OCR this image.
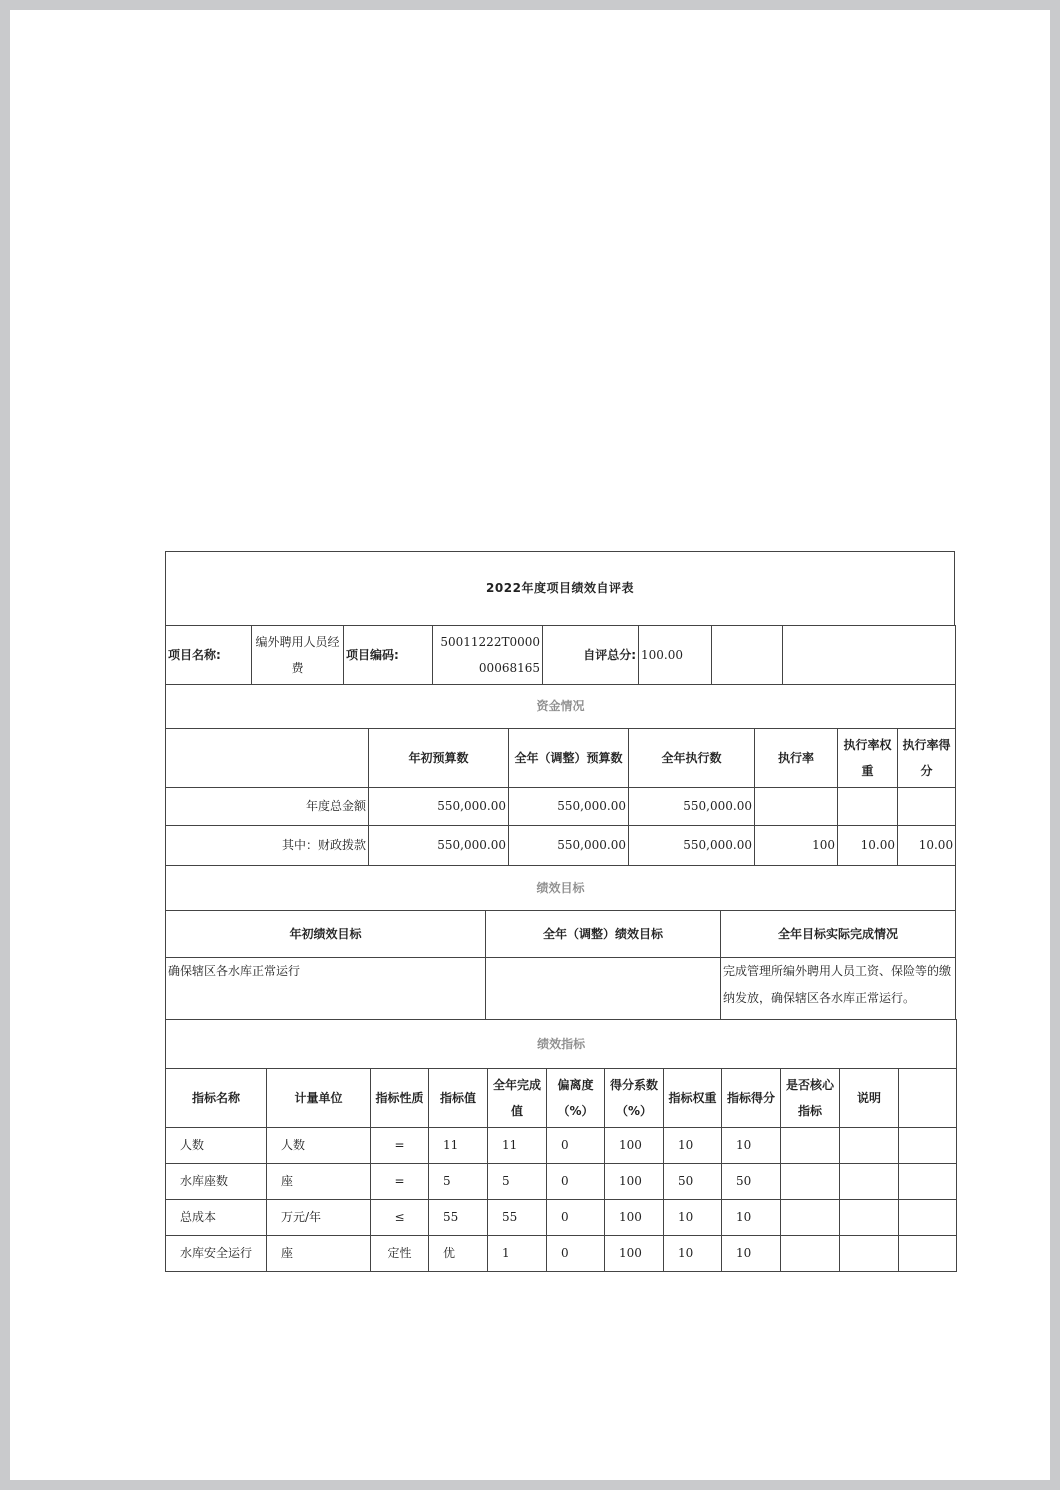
2022年度项目绩效自评表
项目名称:	编外聘用人员经费	项目编码:	50011222T000000068165	自评总分:	100.00		
资金情况						
	年初预算数	全年（调整）预算数	全年执行数	执行率	执行率权重	执行率得分
年度总金额	550,000.00	550,000.00	550,000.00			
其中：财政拨款	550,000.00	550,000.00	550,000.00	100	10.00	10.00
绩效目标		
年初绩效目标	全年（调整）绩效目标	全年目标实际完成情况
确保辖区各水库正常运行		完成管理所编外聘用人员工资、保险等的缴纳发放，确保辖区各水库正常运行。
绩效指标											
指标名称	计量单位	指标性质	指标值	全年完成值	偏离度（%）	得分系数（%）	指标权重	指标得分	是否核心指标	说明	
人数	人数	=	11	11	0	100	10	10			
水库座数	座	=	5	5	0	100	50	50			
总成本	万元/年	≤	55	55	0	100	10	10			
水库安全运行	座	定性	优	1	0	100	10	10			
